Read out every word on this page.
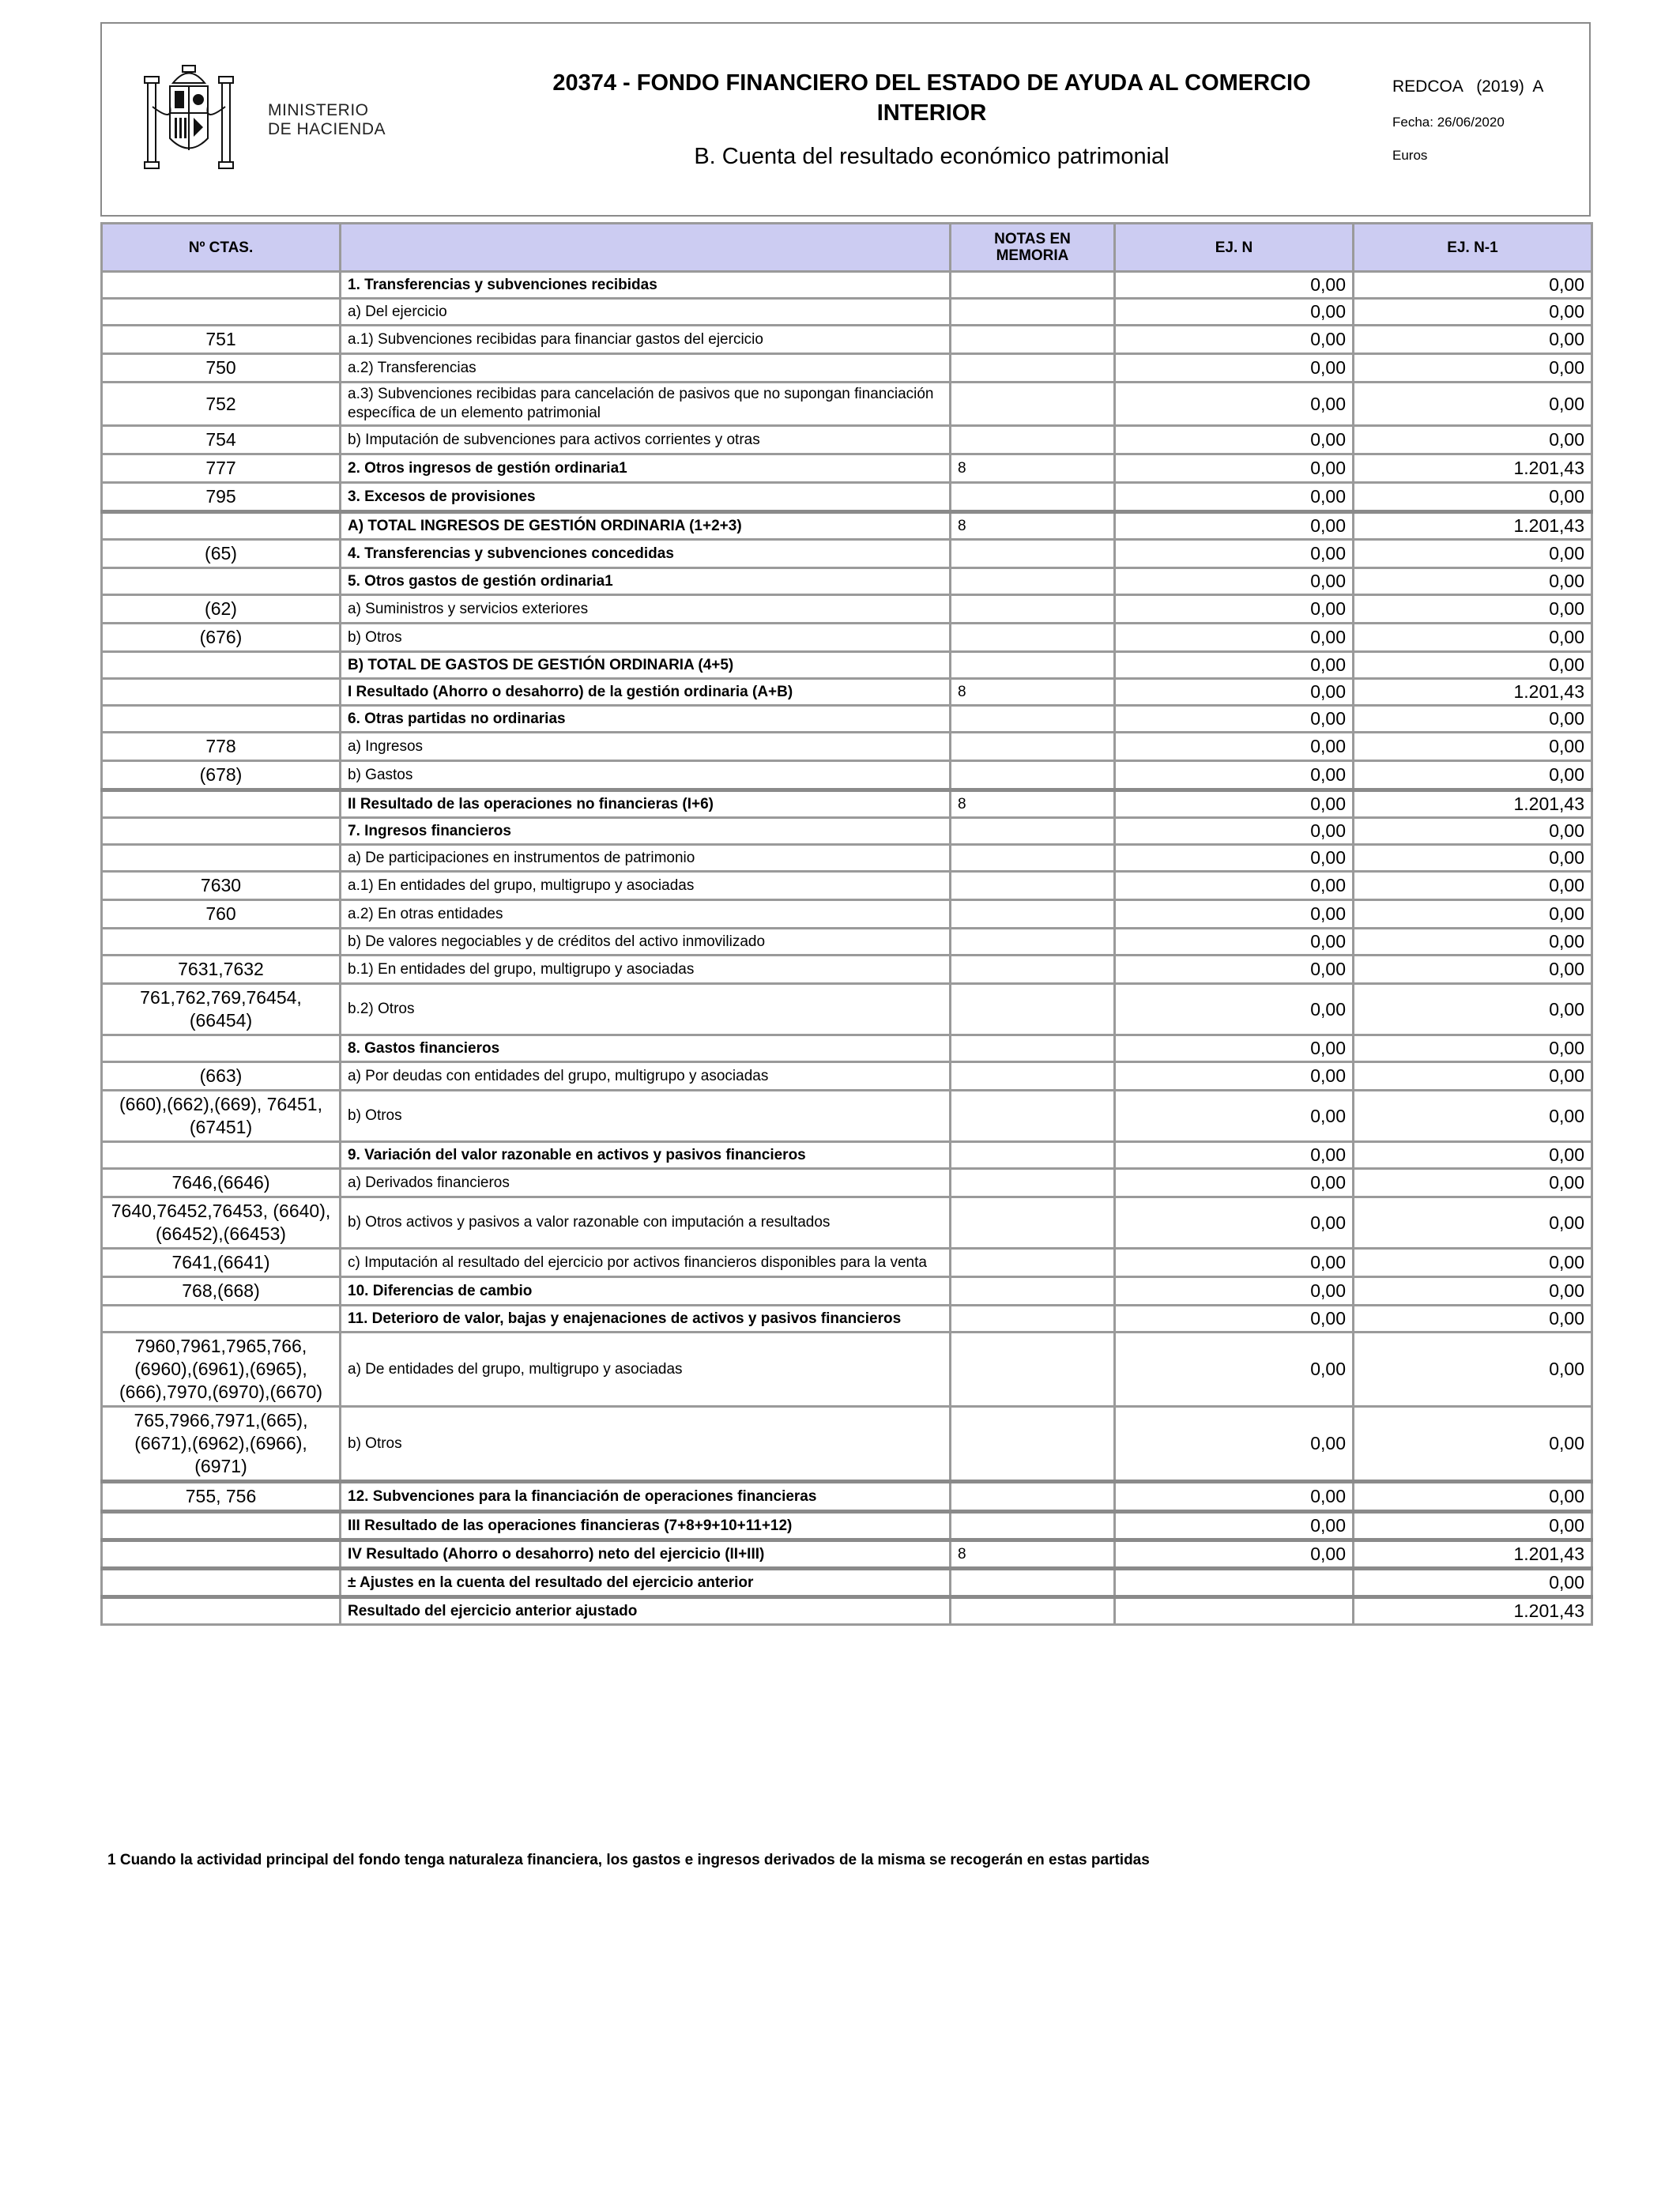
MINISTERIO
DE HACIENDA
20374 - FONDO FINANCIERO DEL ESTADO DE AYUDA AL COMERCIO
INTERIOR
B. Cuenta del resultado económico patrimonial
REDCOA   (2019)  A
Fecha: 26/06/2020
Euros
Nº CTAS.		NOTAS EN MEMORIA	EJ. N	EJ. N-1
	1. Transferencias y subvenciones recibidas		0,00	0,00
	a) Del ejercicio		0,00	0,00
751	a.1) Subvenciones recibidas para financiar gastos del ejercicio		0,00	0,00
750	a.2) Transferencias		0,00	0,00
752	a.3) Subvenciones recibidas para cancelación de pasivos que no supongan financiación específica de un elemento patrimonial		0,00	0,00
754	b) Imputación de subvenciones para activos corrientes y otras		0,00	0,00
777	2. Otros ingresos de gestión ordinaria1	8	0,00	1.201,43
795	3. Excesos de provisiones		0,00	0,00
	A) TOTAL INGRESOS DE GESTIÓN ORDINARIA (1+2+3)	8	0,00	1.201,43
(65)	4. Transferencias y subvenciones concedidas		0,00	0,00
	5. Otros gastos de gestión ordinaria1		0,00	0,00
(62)	a) Suministros y servicios exteriores		0,00	0,00
(676)	b) Otros		0,00	0,00
	B) TOTAL DE GASTOS DE GESTIÓN ORDINARIA (4+5)		0,00	0,00
	I Resultado (Ahorro o desahorro) de la gestión ordinaria (A+B)	8	0,00	1.201,43
	6. Otras partidas no ordinarias		0,00	0,00
778	a) Ingresos		0,00	0,00
(678)	b) Gastos		0,00	0,00
	II Resultado de las operaciones no financieras (I+6)	8	0,00	1.201,43
	7. Ingresos financieros		0,00	0,00
	a) De participaciones en instrumentos de patrimonio		0,00	0,00
7630	a.1) En entidades del grupo, multigrupo y asociadas		0,00	0,00
760	a.2) En otras entidades		0,00	0,00
	b) De valores negociables y de créditos del activo inmovilizado		0,00	0,00
7631,7632	b.1) En entidades del grupo, multigrupo y asociadas		0,00	0,00
761,762,769,76454, (66454)	b.2) Otros		0,00	0,00
	8. Gastos financieros		0,00	0,00
(663)	a) Por deudas con entidades del grupo, multigrupo y asociadas		0,00	0,00
(660),(662),(669), 76451,(67451)	b) Otros		0,00	0,00
	9. Variación del valor razonable en activos y pasivos financieros		0,00	0,00
7646,(6646)	a) Derivados financieros		0,00	0,00
7640,76452,76453, (6640),(66452),(66453)	b) Otros activos y pasivos a valor razonable con imputación a resultados		0,00	0,00
7641,(6641)	c) Imputación al resultado del ejercicio por activos financieros disponibles para la venta		0,00	0,00
768,(668)	10. Diferencias de cambio		0,00	0,00
	11. Deterioro de valor, bajas y enajenaciones de activos y pasivos financieros		0,00	0,00
7960,7961,7965,766, (6960),(6961),(6965), (666),7970,(6970),(6670)	a) De entidades del grupo, multigrupo y asociadas		0,00	0,00
765,7966,7971,(665), (6671),(6962),(6966), (6971)	b) Otros		0,00	0,00
755, 756	12. Subvenciones para la financiación de operaciones financieras		0,00	0,00
	III Resultado de las operaciones financieras (7+8+9+10+11+12)		0,00	0,00
	IV Resultado (Ahorro o desahorro) neto del ejercicio (II+III)	8	0,00	1.201,43
	± Ajustes en la cuenta del resultado del ejercicio anterior			0,00
	Resultado del ejercicio anterior ajustado			1.201,43
1 Cuando la actividad principal del fondo tenga naturaleza financiera, los gastos e ingresos derivados de la misma se recogerán en estas partidas
